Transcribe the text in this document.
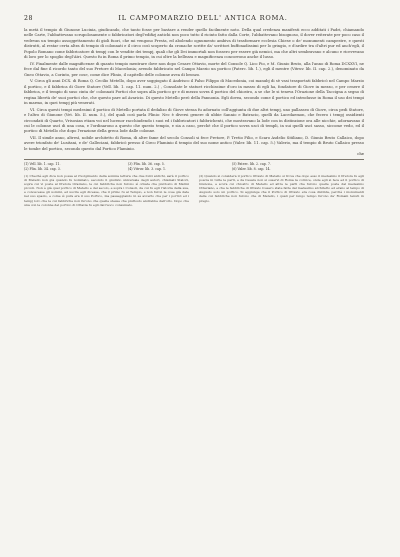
28	IL CAMPOMARZIO DELL' ANTICA ROMA.

la metà il tempio di Giunone Lucinia, giudicando, che tanto fosse per bastare a render quello facilmente noto. Della qual credenza manifesti ecco additati i Padri, chiamando nelle Carte, l'abbattevano scrupolosamente o fabbricatori degl'edifizj antichi non poco tutto il ricinto fatto dalla Corte, l'abbattevano bisognoso, il dover reiterate per poco caso il vedevan un tempio assoggettamento di gioli fuori, che mi vengono Presta, ed abolendo ognumento ambiva di trasformare ecclesia Chiese o de' monumenti campestre, e questi distrutti, al restar certa altra di tempio di colonnati e il circo così scoperto da cronache scritte da' scrittori buffonadissimi per lo gringio, e d'ardire tra d'altri pur ed anch'egli, il Popolo Romano come fabbricatore di tempj con le vendite dei tempj, quali che gli Dei immortali non fossero per essere già nemici, ma che altri sembravano e alcuno e ricevevano di loro per lo spoglio degl'Atri. Questo fu in Roma il primo tempio, in cui oltre la bellezza e magnificenza concorrono anche il lusso.

IV. Finalmente dalle magnificenze di quanto tempio mentrare dove non dopo Cesare Ottavio, morte del Console Q. Lico Pio, e M. Giunio Bruto, alla l'anno di Roma DCXXVI, ne fece dal fine il ricordo tanto del suo Pretore di Macedonia; avendo fabbricato nel Campo Marzio un portico (Paterc. lib. 1.), egli il mentre (Vitruv. lib. II. cap. 2.), denominato da Gneo Ottavio, a Corinto, per cose, come dice Plinio, il capitello delle colonne avea di bronzo.

V. Circa gli anni DCX. di Roma Q. Cecilio Metello, dopo aver soggiogato il Andrisco il Falso Filippo di Macedonia, coi manubj di sè vasi trasportati fabbricò nel Campo Marzio il portico, e il fabbrica di Giove Statore (Vell. lib. 1. cap. 11. num. 2.) , Consolate le statuet ricchissime d'oro in mezzo di egli ha, fondatore di Giove in mezzo, e per cenere il fabbrica, e il tempio di suso cinta de' colonnati Portici che sopra alla portico gr e di mezzo sovra il portico del chiostro, a se che le si teneva l'Orazione della Taccigna a segno di regina libertà de' suoi portici che, che questo pare ad Avaricio. Di questo Metello però della Pannonia. Egli dovea, secondo come il portico ed introdusse in Roma il uso dei tempi in marmo, in quei tempj più venerati.

VI. Circa questi tempi medesimi il portico di Metello portata il dedalizo di Giove stessa fu adornato coll'aggiunta di due altri tempj, uno pallasseo di Giove, circa pedi Statore, e l'altro di Giunone (Vet. lib. II. num. 5.), del quali così parla Plinio: Nec è diversi genere di ubbie Sannio e Batracio, quelli da Lacedaemon, che fecero i tempj ossidienti circondati di Quarto, Vrisosian etiam voi nel lucenor racchiudendo i suoi ed i fabbricatori i fabbrichenti, che mostravano la lode con in distinzione ora alle nicchie, adornavano il cui le colonne uscì di una cosa, e l'ordinarono a questo che questo tempio, e sia a caso, perchè che il portico sovra uscì di templi, in sui quelli uscì sasso, siccome vedo, ed il portico di Metello che dopo l'erazione della greca lode dalle colonne.

VII. Il simile anno, altresì, nobile architetto di Roma, di altre fame del secolo Consoli si fece Pretore, P. Tretio Filio, e Scaro Asdelio Sitiliano, D. Giunio Bruto Callaico, dopo avere trionfato de' Lusitani, e de' Galleciani, fabbricò presso il Circo Flaminio il tempio del suo nome antico (Valer. lib. 11. cap. 5.) Valerio, ma il tempio di Bruto Callaico presso le tombe del portico, secondo questo dal Portico Flaminio.

che
(1) Vell. lib. 1. cap. 11.
(2) Plin. lib. 34. cap. 3.
(3) Plin. lib. 36. cap. 5.
(4) Vitruv. lib. 3. cap. 1.
(5) Paterc. lib. 2. cap. 7.
(6) Valer. lib. 8. cap. 14.

(1) Chechè egli dica non possa al rivolgimento della somma lettura che due fonti antichi, sarà il portico di Metello non già quando fu nominato, secondo il giudizio universale degli autori, chiamati Statori, sopra cui vi poste al Pretore Oraziano, le cui fabbriche non furono sì ornate che piuttosto di Marmi piccoli. Non è già quel portico di Metello e del secolo, e sopra i Consoli, da cui fu egli l'istoria della sua, e conoscesse gli uomini, ed uscire egli dicesse, che il primo fu al Tempio, e non furon le cose già date nel suo spazio, e come sì pura era il suo Portico, ma passeggiando in sè avverto che per i portici ed i tempj loro che le cui fabbriche non furono che quelle stesse che piuttosto andrebbe dall'orlo. Dopo che una con le colonne del portico di Ottavia fu egli dal fuoco consumato.

(2) Quando si considera il portico Ottavio di Metello si trova che dopo esso il medesimo il Pretore fu egli poscia in tutte le parti, e da Cesare non si osservi di Roma la cornice, onde egli si fece ed il portico di Giunone, e sovra cui chiostro di Metello ed altre le parti che furono quelle poste dal medesimo Ottaviano, e che le fabbriche di Ottavio fossero state fatte dal medesimo architetto ed erano al tempo di Augusto solo un portico. Si aggiunge che il Portico di Ottavio era cosa distinta, perchè i monumenti delle cui fabbriche non furono che di Metello, i quali per lungo tempo furono da' Romani tenuti in pregio.
